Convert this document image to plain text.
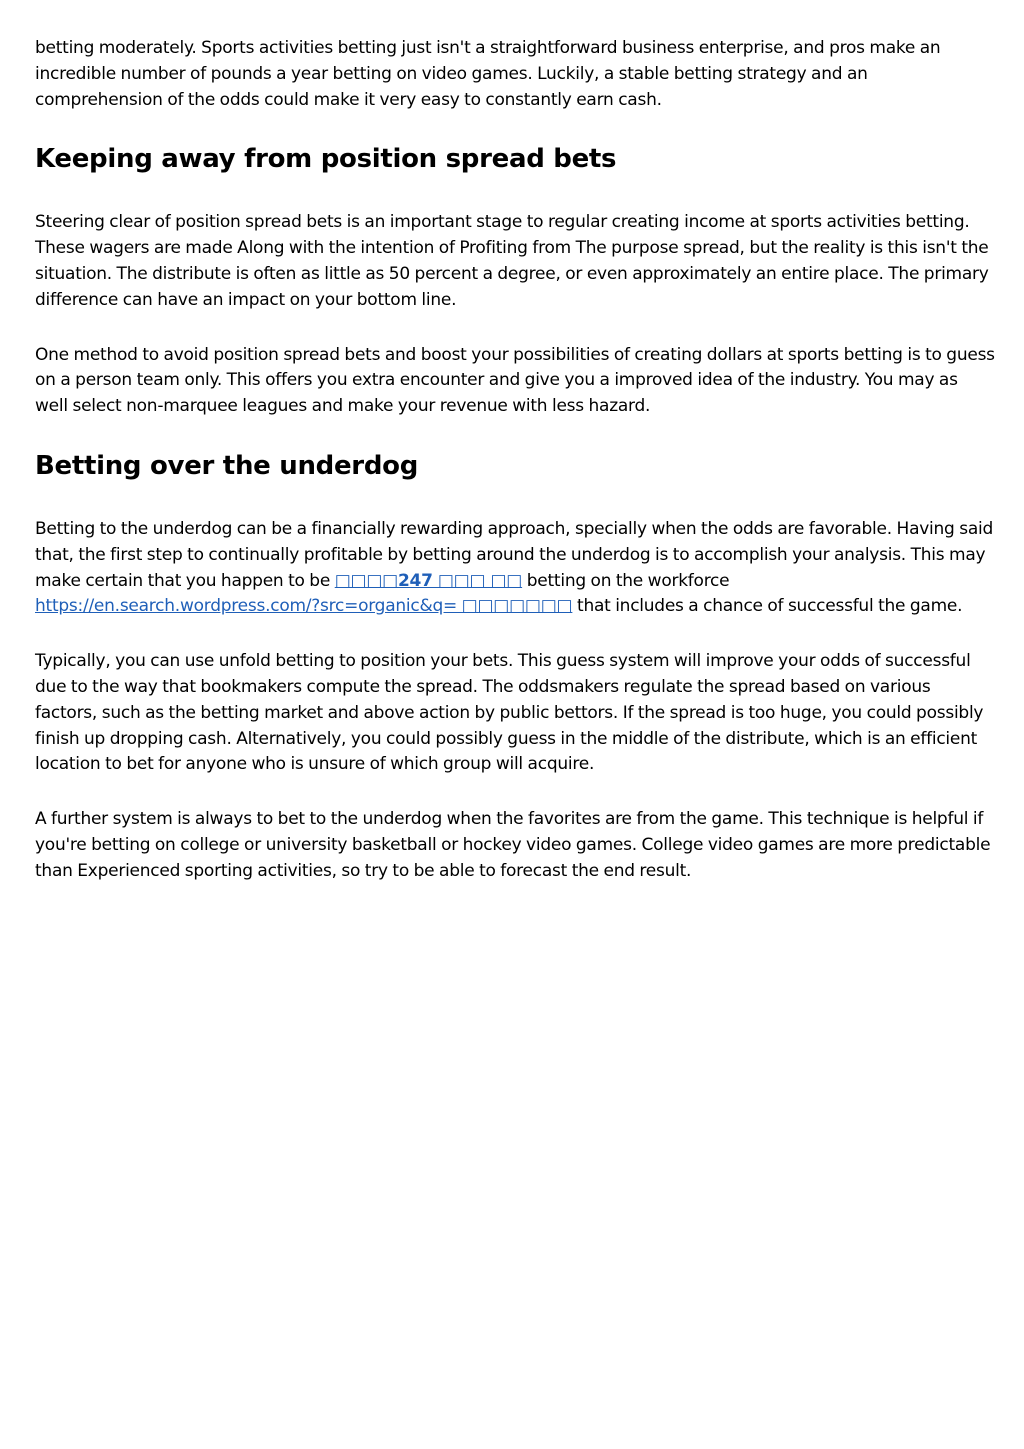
betting moderately. Sports activities betting just isn't a straightforward business enterprise, and pros make an incredible number of pounds a year betting on video games. Luckily, a stable betting strategy and an comprehension of the odds could make it very easy to constantly earn cash.

Keeping away from position spread bets

Steering clear of position spread bets is an important stage to regular creating income at sports activities betting. These wagers are made Along with the intention of Profiting from The purpose spread, but the reality is this isn't the situation. The distribute is often as little as 50 percent a degree, or even approximately an entire place. The primary difference can have an impact on your bottom line.

One method to avoid position spread bets and boost your possibilities of creating dollars at sports betting is to guess on a person team only. This offers you extra encounter and give you a improved idea of the industry. You may as well select non-marquee leagues and make your revenue with less hazard.

Betting over the underdog

Betting to the underdog can be a financially rewarding approach, specially when the odds are favorable. Having said that, the first step to continually profitable by betting around the underdog is to accomplish your analysis. This may make certain that you happen to be □□□□247 □□□ □□ betting on the workforce https://en.search.wordpress.com/?src=organic&q= □□□□□□□ that includes a chance of successful the game.

Typically, you can use unfold betting to position your bets. This guess system will improve your odds of successful due to the way that bookmakers compute the spread. The oddsmakers regulate the spread based on various factors, such as the betting market and above action by public bettors. If the spread is too huge, you could possibly finish up dropping cash. Alternatively, you could possibly guess in the middle of the distribute, which is an efficient location to bet for anyone who is unsure of which group will acquire.

A further system is always to bet to the underdog when the favorites are from the game. This technique is helpful if you're betting on college or university basketball or hockey video games. College video games are more predictable than Experienced sporting activities, so try to be able to forecast the end result.
